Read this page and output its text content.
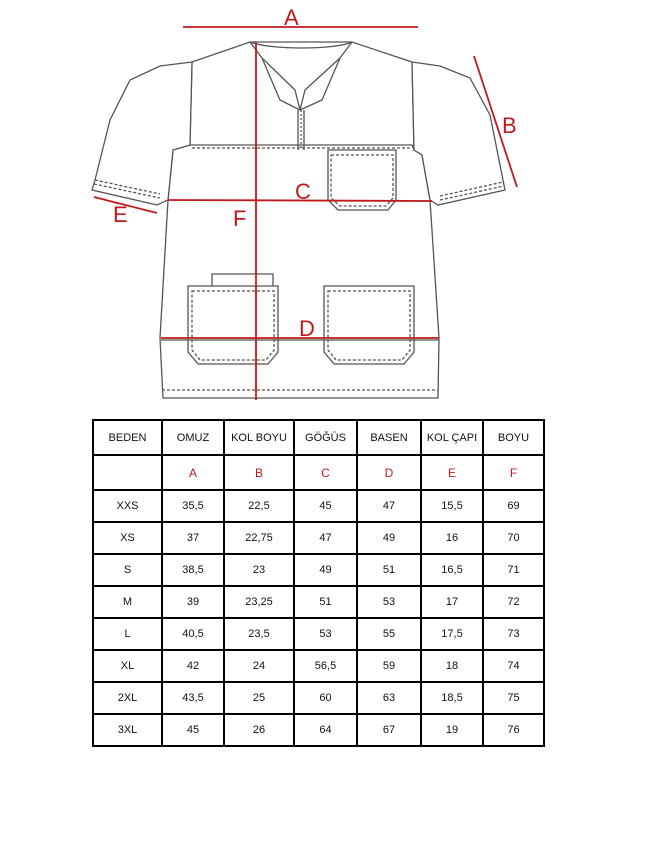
A
B
C
D
E	F
BEDEN	OMUZ	KOL BOYU	GÖĞÜS	BASEN	KOL ÇAPI	BOYU
	A	B	C	D	E	F
XXS	35,5	22,5	45	47	15,5	69
XS	37	22,75	47	49	16	70
S	38,5	23	49	51	16,5	71
M	39	23,25	51	53	17	72
L	40,5	23,5	53	55	17,5	73
XL	42	24	56,5	59	18	74
2XL	43,5	25	60	63	18,5	75
3XL	45	26	64	67	19	76
